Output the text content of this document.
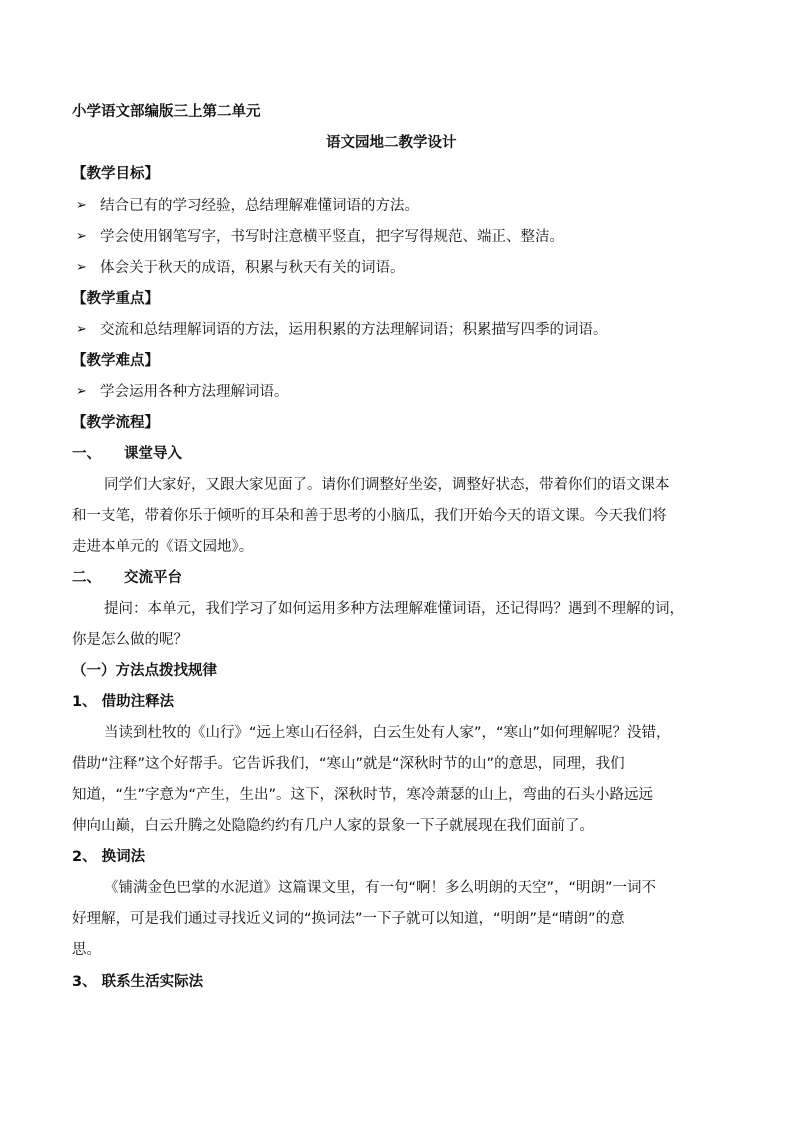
小学语文部编版三上第二单元
语文园地二教学设计
【教学目标】
➢ 结合已有的学习经验，总结理解难懂词语的方法。
➢ 学会使用钢笔写字，书写时注意横平竖直，把字写得规范、端正、整洁。
➢ 体会关于秋天的成语，积累与秋天有关的词语。
【教学重点】
➢ 交流和总结理解词语的方法，运用积累的方法理解词语；积累描写四季的词语。
【教学难点】
➢ 学会运用各种方法理解词语。
【教学流程】
一、 课堂导入
同学们大家好，又跟大家见面了。请你们调整好坐姿，调整好状态，带着你们的语文课本
和一支笔，带着你乐于倾听的耳朵和善于思考的小脑瓜，我们开始今天的语文课。今天我们将
走进本单元的《语文园地》。
二、 交流平台
提问：本单元，我们学习了如何运用多种方法理解难懂词语，还记得吗？遇到不理解的词，
你是怎么做的呢？
（一）方法点拨找规律
1、 借助注释法
当读到杜牧的《山行》“远上寒山石径斜，白云生处有人家”，“寒山”如何理解呢？没错，
借助“注释”这个好帮手。它告诉我们，“寒山”就是“深秋时节的山”的意思，同理，我们
知道，“生”字意为“产生，生出”。这下，深秋时节，寒冷萧瑟的山上，弯曲的石头小路远远
伸向山巅，白云升腾之处隐隐约约有几户人家的景象一下子就展现在我们面前了。
2、 换词法
《铺满金色巴掌的水泥道》这篇课文里，有一句“啊！多么明朗的天空”，“明朗”一词不
好理解，可是我们通过寻找近义词的“换词法”一下子就可以知道，“明朗”是“晴朗”的意
思。
3、 联系生活实际法
